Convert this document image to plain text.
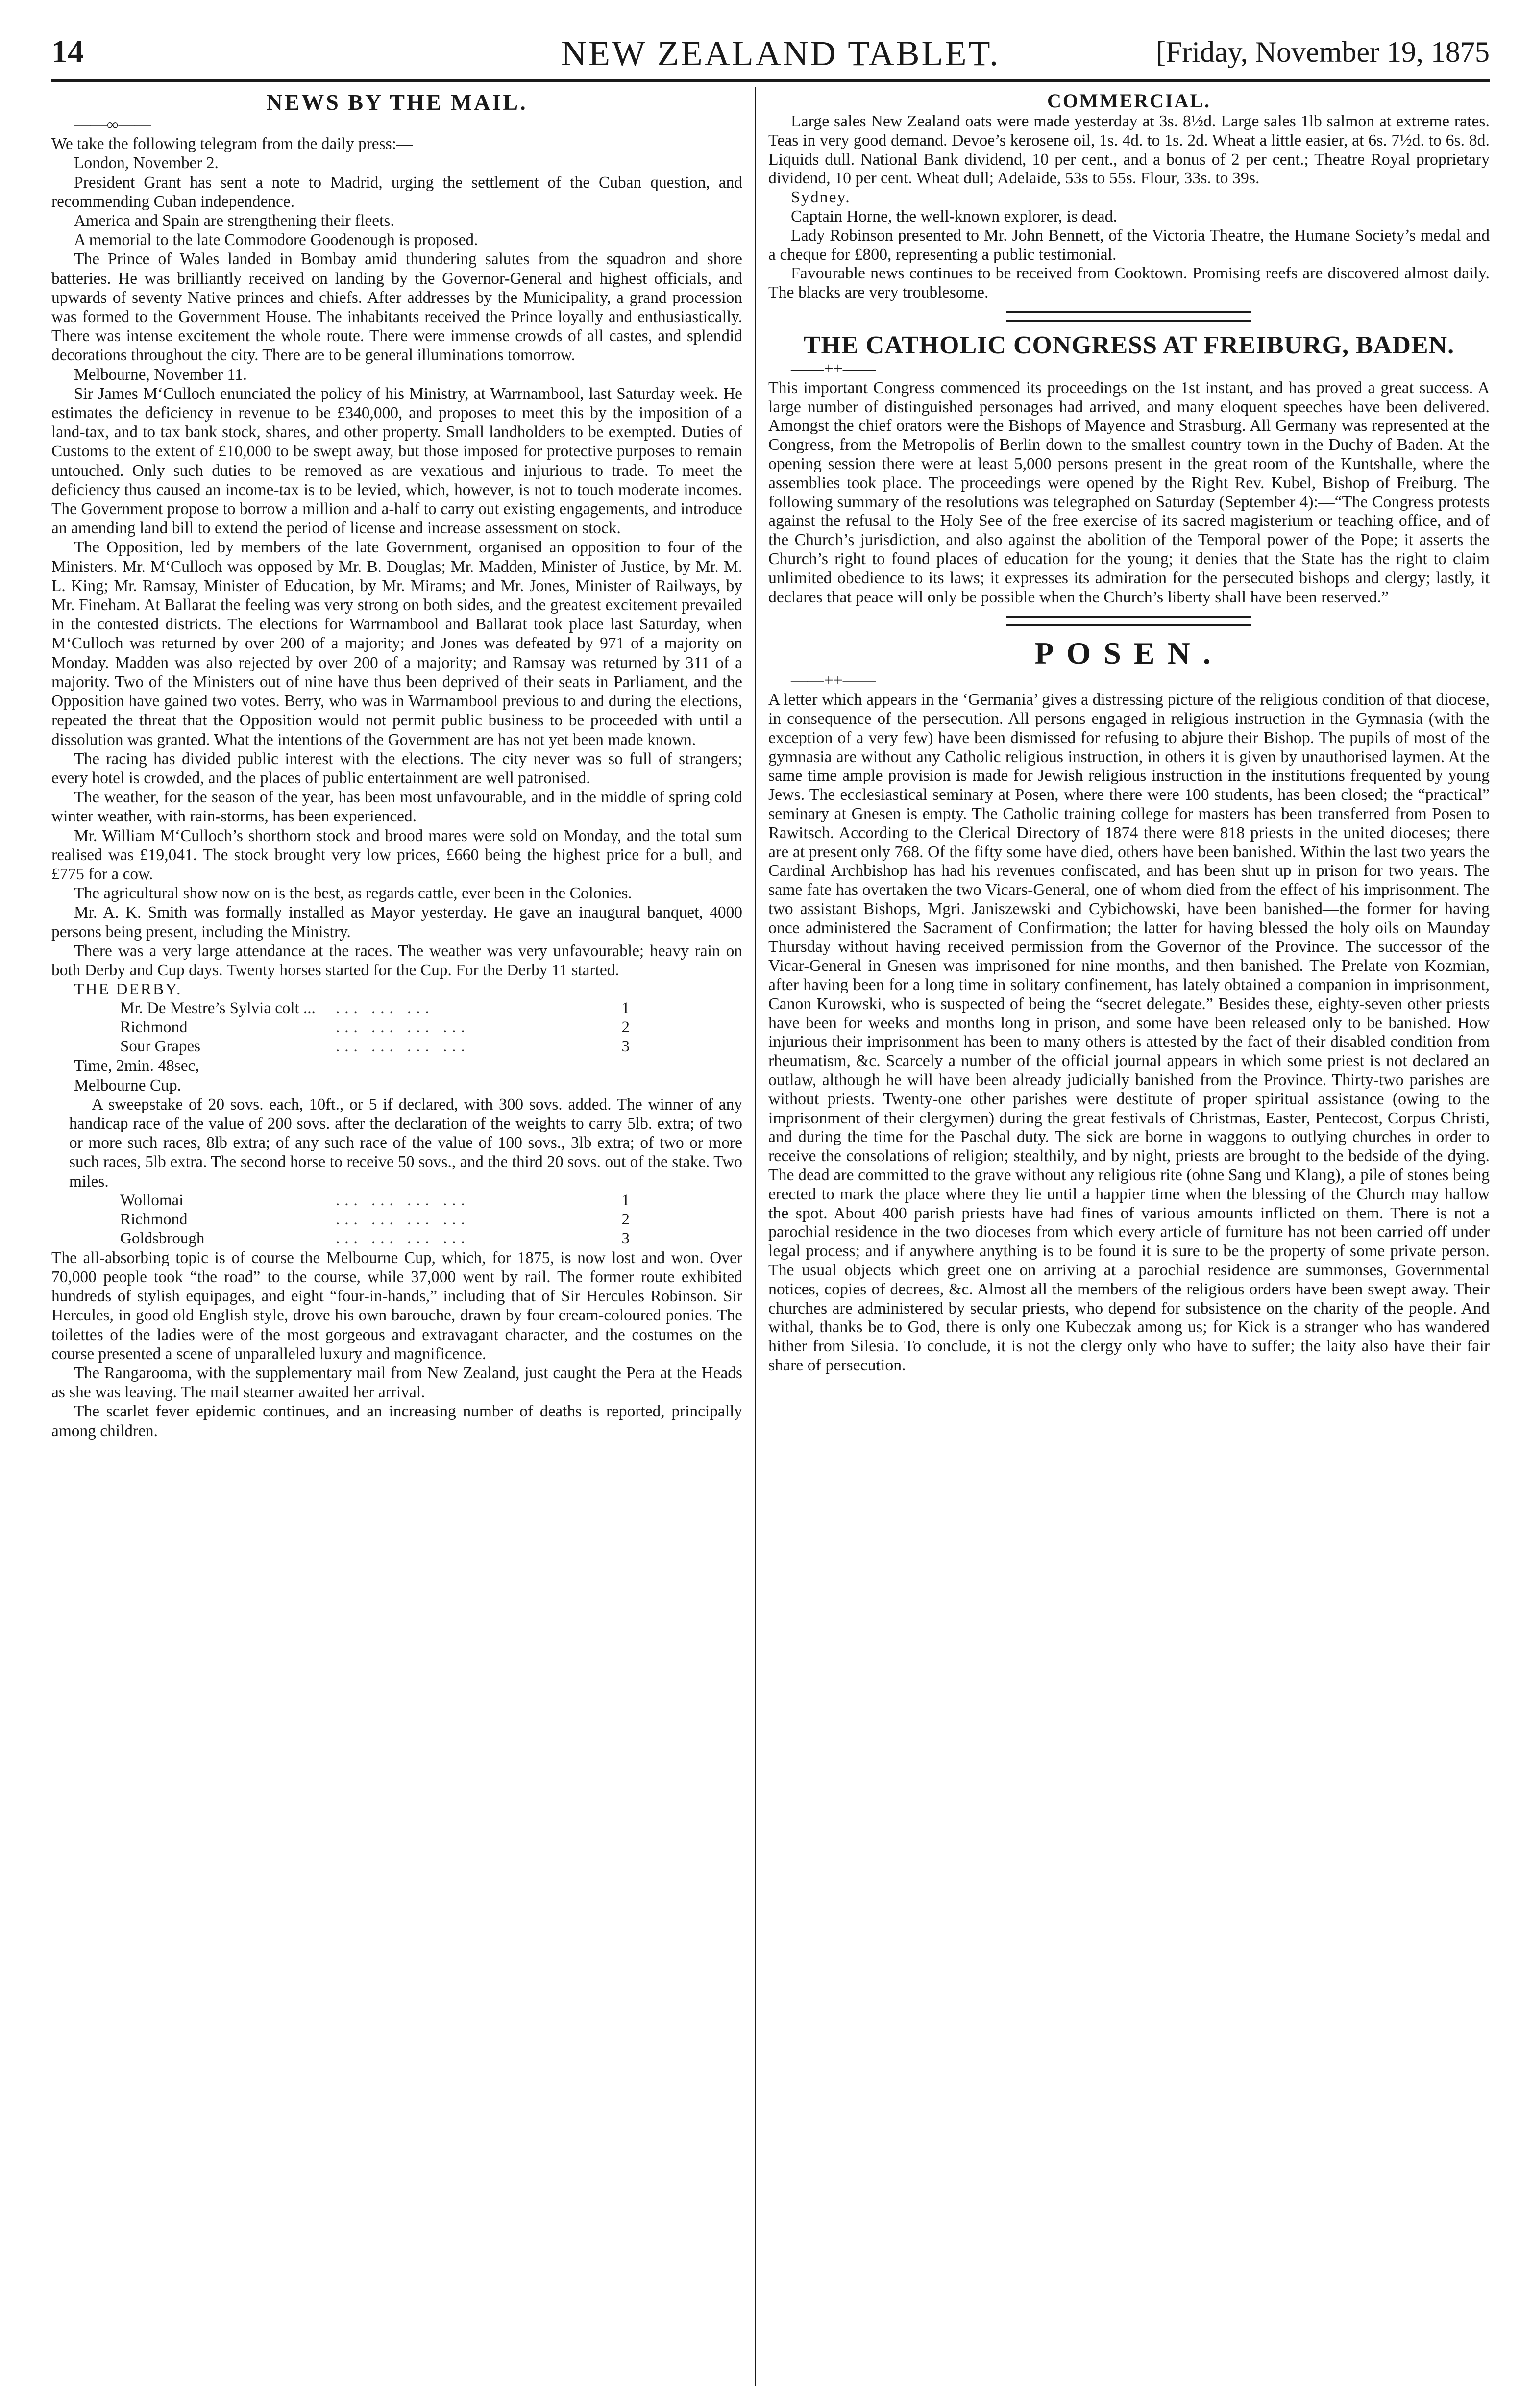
14	NEW ZEALAND TABLET.	[Friday, November 19, 1875
NEWS BY THE MAIL.

——∞——

We take the following telegram from the daily press:—

London, November 2.

President Grant has sent a note to Madrid, urging the settlement of the Cuban question, and recommending Cuban independence.

America and Spain are strengthening their fleets.

A memorial to the late Commodore Goodenough is proposed.

The Prince of Wales landed in Bombay amid thundering salutes from the squadron and shore batteries. He was brilliantly received on landing by the Governor-General and highest officials, and upwards of seventy Native princes and chiefs. After addresses by the Municipality, a grand procession was formed to the Government House. The inhabitants received the Prince loyally and enthusiastically. There was intense excitement the whole route. There were immense crowds of all castes, and splendid decorations throughout the city. There are to be general illuminations tomorrow.

Melbourne, November 11.

Sir James M‘Culloch enunciated the policy of his Ministry, at Warrnambool, last Saturday week. He estimates the deficiency in revenue to be £340,000, and proposes to meet this by the imposition of a land-tax, and to tax bank stock, shares, and other property. Small landholders to be exempted. Duties of Customs to the extent of £10,000 to be swept away, but those imposed for protective purposes to remain untouched. Only such duties to be removed as are vexatious and injurious to trade. To meet the deficiency thus caused an income-tax is to be levied, which, however, is not to touch moderate incomes. The Government propose to borrow a million and a-half to carry out existing engagements, and introduce an amending land bill to extend the period of license and increase assessment on stock.

The Opposition, led by members of the late Government, organised an opposition to four of the Ministers. Mr. M‘Culloch was opposed by Mr. B. Douglas; Mr. Madden, Minister of Justice, by Mr. M. L. King; Mr. Ramsay, Minister of Education, by Mr. Mirams; and Mr. Jones, Minister of Railways, by Mr. Fineham. At Ballarat the feeling was very strong on both sides, and the greatest excitement prevailed in the contested districts. The elections for Warrnambool and Ballarat took place last Saturday, when M‘Culloch was returned by over 200 of a majority; and Jones was defeated by 971 of a majority on Monday. Madden was also rejected by over 200 of a majority; and Ramsay was returned by 311 of a majority. Two of the Ministers out of nine have thus been deprived of their seats in Parliament, and the Opposition have gained two votes. Berry, who was in Warrnambool previous to and during the elections, repeated the threat that the Opposition would not permit public business to be proceeded with until a dissolution was granted. What the intentions of the Government are has not yet been made known.

The racing has divided public interest with the elections. The city never was so full of strangers; every hotel is crowded, and the places of public entertainment are well patronised.

The weather, for the season of the year, has been most unfavourable, and in the middle of spring cold winter weather, with rain-storms, has been experienced.

Mr. William M‘Culloch’s shorthorn stock and brood mares were sold on Monday, and the total sum realised was £19,041. The stock brought very low prices, £660 being the highest price for a bull, and £775 for a cow.

The agricultural show now on is the best, as regards cattle, ever been in the Colonies.

Mr. A. K. Smith was formally installed as Mayor yesterday. He gave an inaugural banquet, 4000 persons being present, including the Ministry.

There was a very large attendance at the races. The weather was very unfavourable; heavy rain on both Derby and Cup days. Twenty horses started for the Cup. For the Derby 11 started.

THE DERBY.

Mr. De Mestre’s Sylvia colt ...	... ... ...	1
Richmond	... ... ... ...	2
Sour Grapes	... ... ... ...	3

Time, 2min. 48sec,

Melbourne Cup.

A sweepstake of 20 sovs. each, 10ft., or 5 if declared, with 300 sovs. added. The winner of any handicap race of the value of 200 sovs. after the declaration of the weights to carry 5lb. extra; of two or more such races, 8lb extra; of any such race of the value of 100 sovs., 3lb extra; of two or more such races, 5lb extra. The second horse to receive 50 sovs., and the third 20 sovs. out of the stake. Two miles.

Wollomai	... ... ... ...	1
Richmond	... ... ... ...	2
Goldsbrough	... ... ... ...	3

The all-absorbing topic is of course the Melbourne Cup, which, for 1875, is now lost and won. Over 70,000 people took “the road” to the course, while 37,000 went by rail. The former route exhibited hundreds of stylish equipages, and eight “four-in-hands,” including that of Sir Hercules Robinson. Sir Hercules, in good old English style, drove his own barouche, drawn by four cream-coloured ponies. The toilettes of the ladies were of the most gorgeous and extravagant character, and the costumes on the course presented a scene of unparalleled luxury and magnificence.

The Rangarooma, with the supplementary mail from New Zealand, just caught the Pera at the Heads as she was leaving. The mail steamer awaited her arrival.

The scarlet fever epidemic continues, and an increasing number of deaths is reported, principally among children.

COMMERCIAL.

Large sales New Zealand oats were made yesterday at 3s. 8½d. Large sales 1lb salmon at extreme rates. Teas in very good demand. Devoe’s kerosene oil, 1s. 4d. to 1s. 2d. Wheat a little easier, at 6s. 7½d. to 6s. 8d. Liquids dull. National Bank dividend, 10 per cent., and a bonus of 2 per cent.; Theatre Royal proprietary dividend, 10 per cent. Wheat dull; Adelaide, 53s to 55s. Flour, 33s. to 39s.

Sydney.

Captain Horne, the well-known explorer, is dead.

Lady Robinson presented to Mr. John Bennett, of the Victoria Theatre, the Humane Society’s medal and a cheque for £800, representing a public testimonial.

Favourable news continues to be received from Cooktown. Promising reefs are discovered almost daily. The blacks are very troublesome.

THE CATHOLIC CONGRESS AT FREIBURG, BADEN.

——++——

This important Congress commenced its proceedings on the 1st instant, and has proved a great success. A large number of distinguished personages had arrived, and many eloquent speeches have been delivered. Amongst the chief orators were the Bishops of Mayence and Strasburg. All Germany was represented at the Congress, from the Metropolis of Berlin down to the smallest country town in the Duchy of Baden. At the opening session there were at least 5,000 persons present in the great room of the Kuntshalle, where the assemblies took place. The proceedings were opened by the Right Rev. Kubel, Bishop of Freiburg. The following summary of the resolutions was telegraphed on Saturday (September 4):—“The Congress protests against the refusal to the Holy See of the free exercise of its sacred magisterium or teaching office, and of the Church’s jurisdiction, and also against the abolition of the Temporal power of the Pope; it asserts the Church’s right to found places of education for the young; it denies that the State has the right to claim unlimited obedience to its laws; it expresses its admiration for the persecuted bishops and clergy; lastly, it declares that peace will only be possible when the Church’s liberty shall have been reserved.”

POSEN.

——++——

A letter which appears in the ‘Germania’ gives a distressing picture of the religious condition of that diocese, in consequence of the persecution. All persons engaged in religious instruction in the Gymnasia (with the exception of a very few) have been dismissed for refusing to abjure their Bishop. The pupils of most of the gymnasia are without any Catholic religious instruction, in others it is given by unauthorised laymen. At the same time ample provision is made for Jewish religious instruction in the institutions frequented by young Jews. The ecclesiastical seminary at Posen, where there were 100 students, has been closed; the “practical” seminary at Gnesen is empty. The Catholic training college for masters has been transferred from Posen to Rawitsch. According to the Clerical Directory of 1874 there were 818 priests in the united dioceses; there are at present only 768. Of the fifty some have died, others have been banished. Within the last two years the Cardinal Archbishop has had his revenues confiscated, and has been shut up in prison for two years. The same fate has overtaken the two Vicars-General, one of whom died from the effect of his imprisonment. The two assistant Bishops, Mgri. Janiszewski and Cybichowski, have been banished—the former for having once administered the Sacrament of Confirmation; the latter for having blessed the holy oils on Maunday Thursday without having received permission from the Governor of the Province. The successor of the Vicar-General in Gnesen was imprisoned for nine months, and then banished. The Prelate von Kozmian, after having been for a long time in solitary confinement, has lately obtained a companion in imprisonment, Canon Kurowski, who is suspected of being the “secret delegate.” Besides these, eighty-seven other priests have been for weeks and months long in prison, and some have been released only to be banished. How injurious their imprisonment has been to many others is attested by the fact of their disabled condition from rheumatism, &c. Scarcely a number of the official journal appears in which some priest is not declared an outlaw, although he will have been already judicially banished from the Province. Thirty-two parishes are without priests. Twenty-one other parishes were destitute of proper spiritual assistance (owing to the imprisonment of their clergymen) during the great festivals of Christmas, Easter, Pentecost, Corpus Christi, and during the time for the Paschal duty. The sick are borne in waggons to outlying churches in order to receive the consolations of religion; stealthily, and by night, priests are brought to the bedside of the dying. The dead are committed to the grave without any religious rite (ohne Sang und Klang), a pile of stones being erected to mark the place where they lie until a happier time when the blessing of the Church may hallow the spot. About 400 parish priests have had fines of various amounts inflicted on them. There is not a parochial residence in the two dioceses from which every article of furniture has not been carried off under legal process; and if anywhere anything is to be found it is sure to be the property of some private person. The usual objects which greet one on arriving at a parochial residence are summonses, Governmental notices, copies of decrees, &c. Almost all the members of the religious orders have been swept away. Their churches are administered by secular priests, who depend for subsistence on the charity of the people. And withal, thanks be to God, there is only one Kubeczak among us; for Kick is a stranger who has wandered hither from Silesia. To conclude, it is not the clergy only who have to suffer; the laity also have their fair share of persecution.
